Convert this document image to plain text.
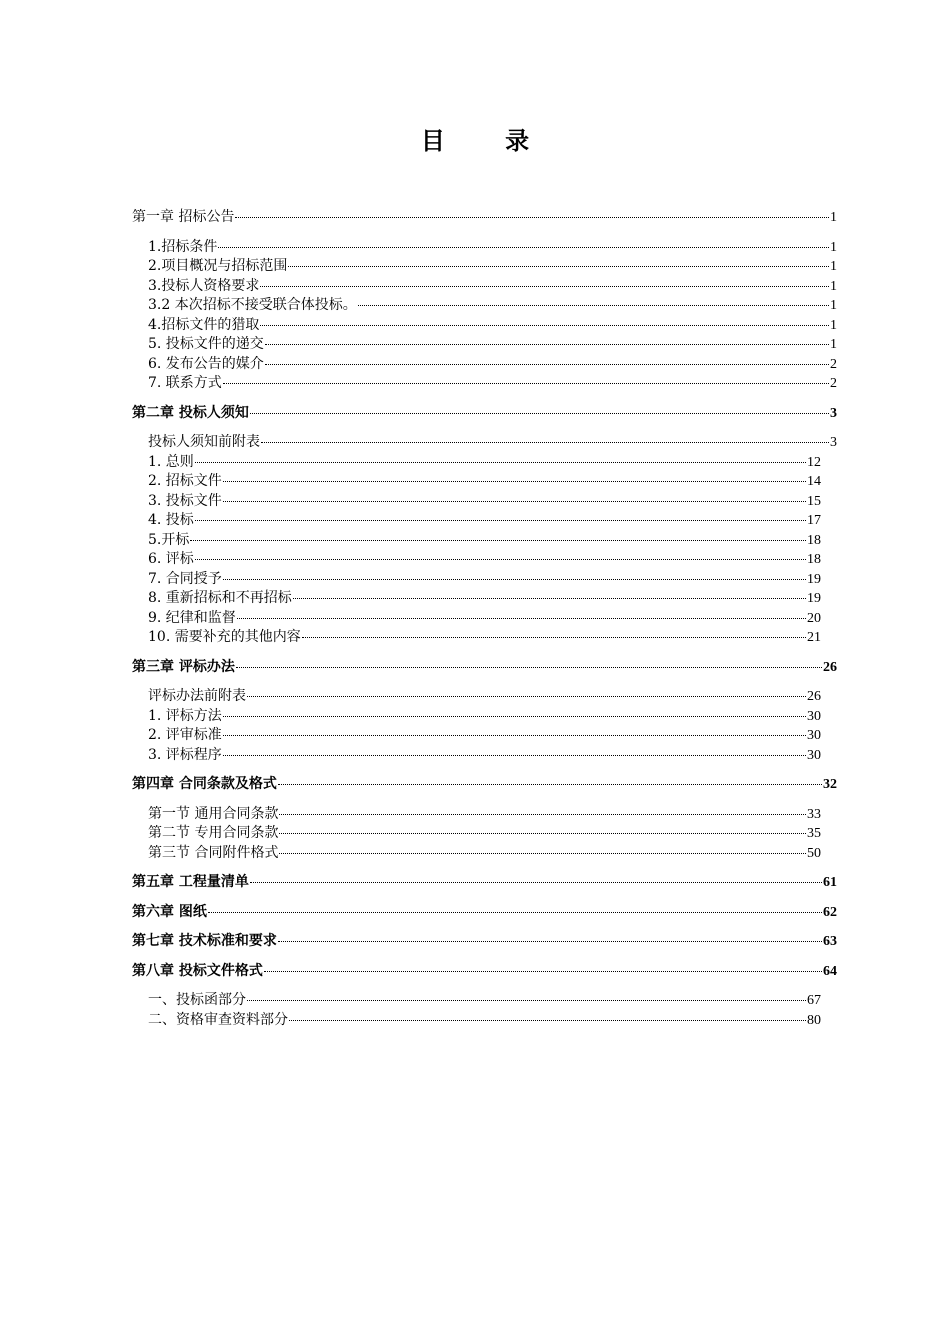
目 录
第一章 招标公告	1
1.招标条件	1
2.项目概况与招标范围	1
3.投标人资格要求	1
3.2 本次招标不接受联合体投标。	1
4.招标文件的猎取	1
5. 投标文件的递交	1
6. 发布公告的媒介	2
7. 联系方式	2
第二章 投标人须知	3
投标人须知前附表	3
1. 总则	12
2. 招标文件	14
3. 投标文件	15
4. 投标	17
5.开标	18
6. 评标	18
7. 合同授予	19
8. 重新招标和不再招标	19
9. 纪律和监督	20
10. 需要补充的其他内容	21
第三章 评标办法	26
评标办法前附表	26
1. 评标方法	30
2. 评审标准	30
3. 评标程序	30
第四章 合同条款及格式	32
第一节 通用合同条款	33
第二节 专用合同条款	35
第三节 合同附件格式	50
第五章 工程量清单	61
第六章 图纸	62
第七章 技术标准和要求	63
第八章 投标文件格式	64
一、投标函部分	67
二、资格审查资料部分	80
